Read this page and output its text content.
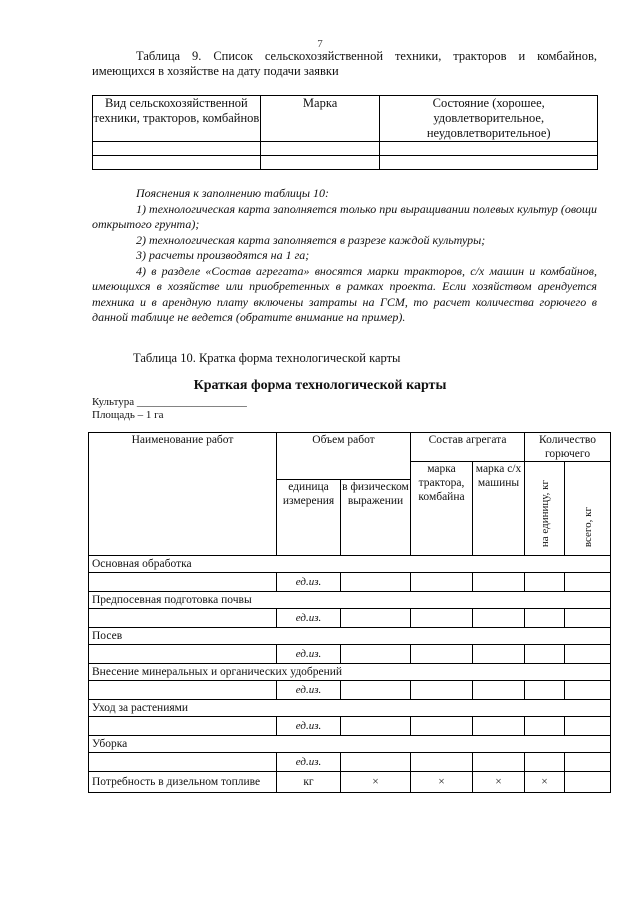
7
Таблица 9. Список сельскохозяйственной техники, тракторов и комбайнов, имеющихся в хозяйстве на дату подачи заявки
Вид сельскохозяйственной техники, тракторов, комбайнов	Марка	Состояние (хорошее, удовлетворительное, неудовлетворительное)

Пояснения к заполнению таблицы 10:

1) технологическая карта заполняется только при выращивании полевых культур (овощи открытого грунта);

2) технологическая карта заполняется в разрезе каждой культуры;

3) расчеты производятся на 1 га;

4) в разделе «Состав агрегата» вносятся марки тракторов, с/х машин и комбайнов, имеющихся в хозяйстве или приобретенных в рамках проекта. Если хозяйством арендуется техника и в арендную плату включены затраты на ГСМ, то расчет количества горючего в данной таблице не ведется (обратите внимание на пример).

Таблица 10. Кратка форма технологической карты
Краткая форма технологической карты
Культура ____________________
Площадь – 1 га
Наименование работ	Объем работ		Состав агрегата		Количество горючего	
			марка трактора, комбайна	марка с/х машины	на единицу, кг	всего, кг
	единица измерения	в физическом выражении				
Основная обработка						
	ед.из.					
Предпосевная подготовка почвы						
	ед.из.					
Посев						
	ед.из.					
Внесение минеральных и органических удобрений						
	ед.из.					
Уход за растениями						
	ед.из.					
Уборка						
	ед.из.					
Потребность в дизельном топливе	кг	×	×	×	×	
